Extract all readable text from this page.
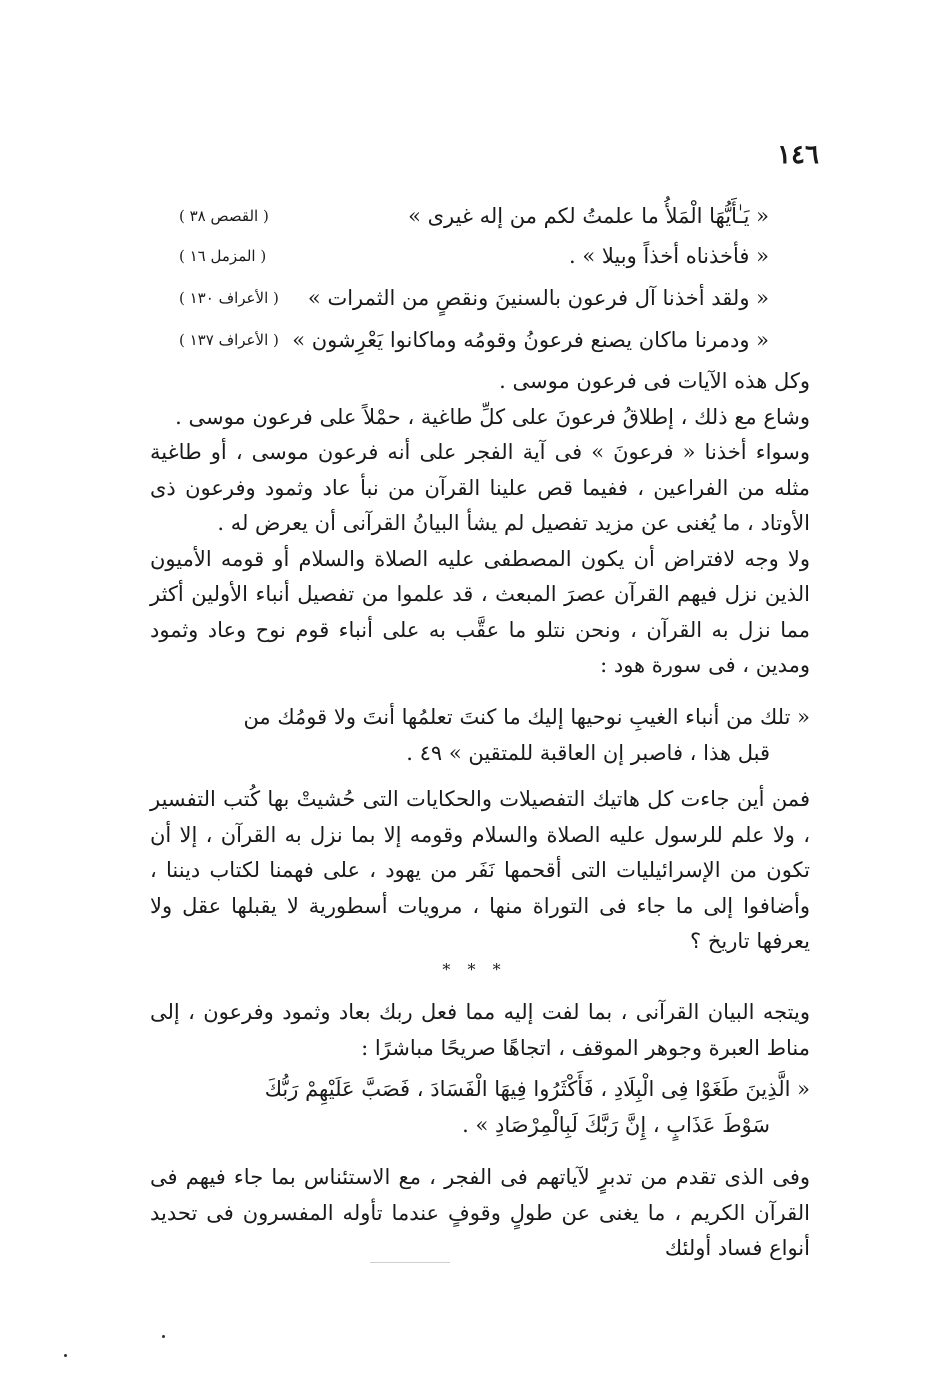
١٤٦
« يَـٰأَيُّهَا الْمَلأُ ما علمتُ لكم من إله غيرى »
( القصص ٣٨ )
« فأخذناه أخذاً وبيلا » .
( المزمل ١٦ )
« ولقد أخذنا آل فرعون بالسنينَ ونقصٍ من الثمرات »
( الأعراف ١٣٠ )
« ودمرنا ماكان يصنع فرعونُ وقومُه وماكانوا يَعْرِشون »
( الأعراف ١٣٧ )

وكل هذه الآيات فى فرعون موسى .

وشاع مع ذلك ، إطلاقُ فرعونَ على كلِّ طاغية ، حمْلاً على فرعون موسى .

وسواء أخذنا « فرعونَ » فى آية الفجر على أنه فرعون موسى ، أو طاغية مثله من الفراعين ، ففيما قص علينا القرآن من نبأ عاد وثمود وفرعون ذى الأوتاد ، ما يُغنى عن مزيد تفصيل لم يشأ البيانُ القرآنى أن يعرض له .

ولا وجه لافتراض أن يكون المصطفى عليه الصلاة والسلام أو قومه الأميون الذين نزل فيهم القرآن عصرَ المبعث ، قد علموا من تفصيل أنباء الأولين أكثر مما نزل به القرآن ، ونحن نتلو ما عقَّب به على أنباء قوم نوح وعاد وثمود ومدين ، فى سورة هود :

« تلك من أنباء الغيبِ نوحيها إليك ما كنتَ تعلمُها أنتَ ولا قومُك من

قبل هذا ، فاصبر إن العاقبة للمتقين » ٤٩ .

فمن أين جاءت كل هاتيك التفصيلات والحكايات التى حُشيتْ بها كُتب التفسير ، ولا علم للرسول عليه الصلاة والسلام وقومه إلا بما نزل به القرآن ، إلا أن تكون من الإسرائيليات التى أقحمها نَفَر من يهود ، على فهمنا لكتاب ديننا ، وأضافوا إلى ما جاء فى التوراة منها ، مرويات أسطورية لا يقبلها عقل ولا يعرفها تاريخ ؟

* * *

ويتجه البيان القرآنى ، بما لفت إليه مما فعل ربك بعاد وثمود وفرعون ، إلى مناط العبرة وجوهر الموقف ، اتجاهًا صريحًا مباشرًا :

« الَّذِينَ طَغَوْا فِى الْبِلَادِ ، فَأَكْثَرُوا فِيهَا الْفَسَادَ ، فَصَبَّ عَلَيْهِمْ رَبُّكَ

سَوْطَ عَذَابٍ ، إِنَّ رَبَّكَ لَبِالْمِرْصَادِ » .

وفى الذى تقدم من تدبرٍ لآياتهم فى الفجر ، مع الاستئناس بما جاء فيهم فى القرآن الكريم ، ما يغنى عن طولٍ وقوفٍ عندما تأوله المفسرون فى تحديد أنواع فساد أولئك
